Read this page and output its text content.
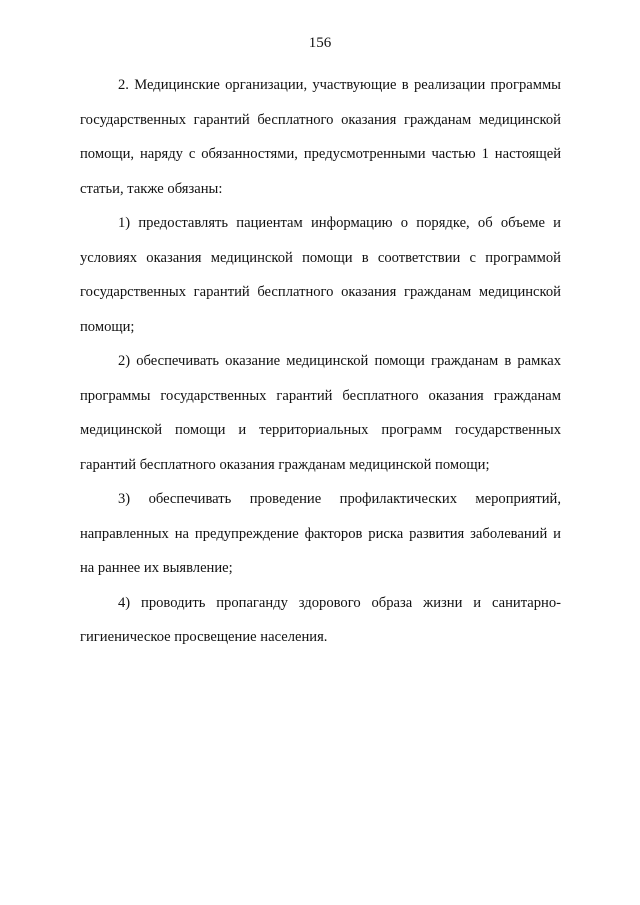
156

2. Медицинские организации, участвующие в реализации программы государственных гарантий бесплатного оказания гражданам медицинской помощи, наряду с обязанностями, предусмотренными частью 1 настоящей статьи, также обязаны:

1) предоставлять пациентам информацию о порядке, об объеме и условиях оказания медицинской помощи в соответствии с программой государственных гарантий бесплатного оказания гражданам медицинской помощи;

2) обеспечивать оказание медицинской помощи гражданам в рамках программы государственных гарантий бесплатного оказания гражданам медицинской помощи и территориальных программ государственных гарантий бесплатного оказания гражданам медицинской помощи;

3) обеспечивать проведение профилактических мероприятий, направленных на предупреждение факторов риска развития заболеваний и на раннее их выявление;

4) проводить пропаганду здорового образа жизни и санитарно-гигиеническое просвещение населения.
